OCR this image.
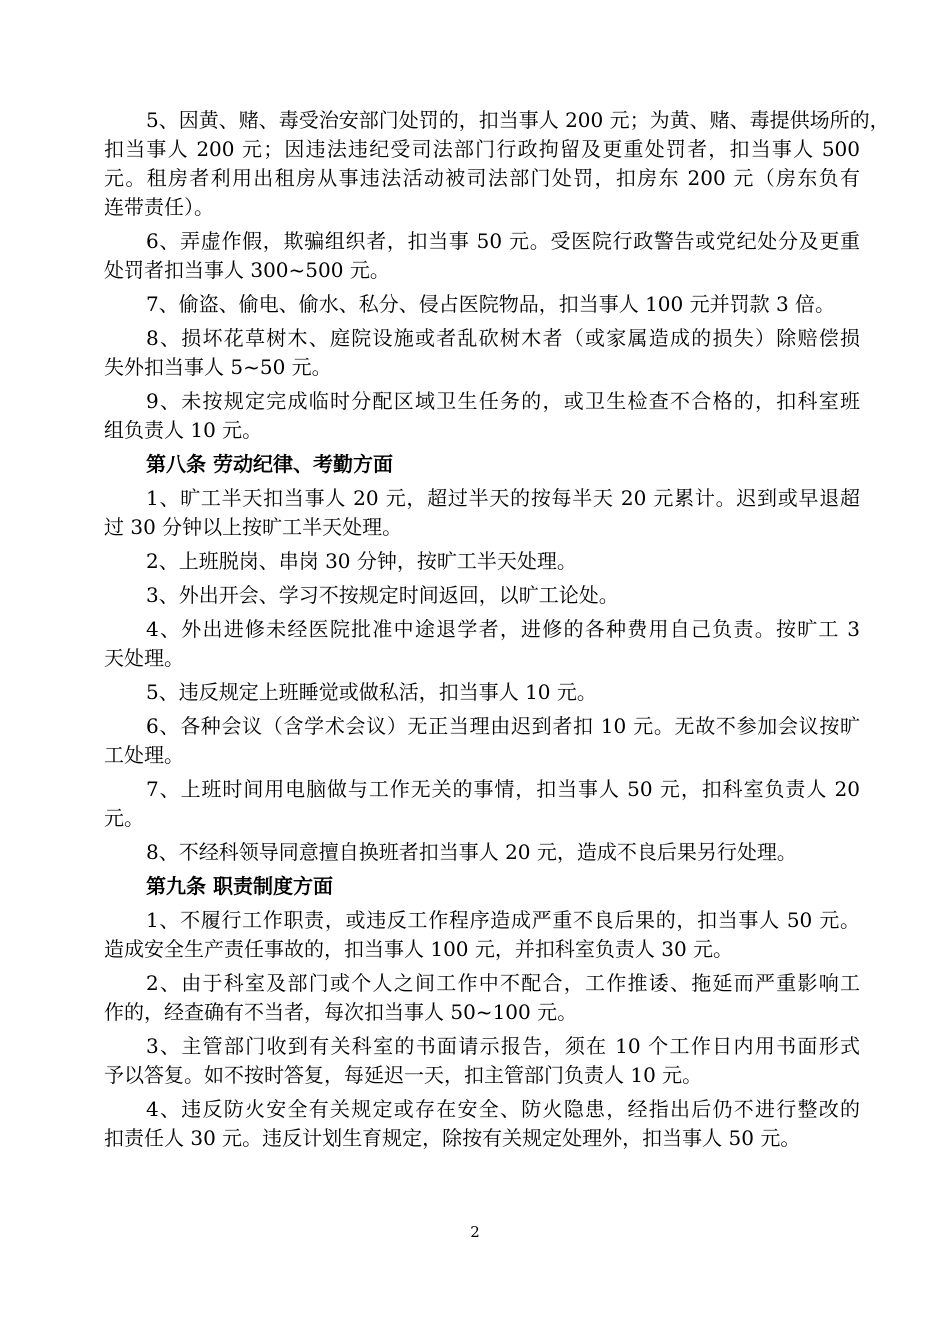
5、因黄、赌、毒受治安部门处罚的，扣当事人 200 元；为黄、赌、毒提供场所的，
扣当事人 200 元；因违法违纪受司法部门行政拘留及更重处罚者，扣当事人 500
元。租房者利用出租房从事违法活动被司法部门处罚，扣房东 200 元（房东负有
连带责任）。
6、弄虚作假，欺骗组织者，扣当事 50 元。受医院行政警告或党纪处分及更重
处罚者扣当事人 300~500 元。
7、偷盗、偷电、偷水、私分、侵占医院物品，扣当事人 100 元并罚款 3 倍。
8、损坏花草树木、庭院设施或者乱砍树木者（或家属造成的损失）除赔偿损
失外扣当事人 5~50 元。
9、未按规定完成临时分配区域卫生任务的，或卫生检查不合格的，扣科室班
组负责人 10 元。
第八条 劳动纪律、考勤方面
1、旷工半天扣当事人 20 元，超过半天的按每半天 20 元累计。迟到或早退超
过 30 分钟以上按旷工半天处理。
2、上班脱岗、串岗 30 分钟，按旷工半天处理。
3、外出开会、学习不按规定时间返回，以旷工论处。
4、外出进修未经医院批准中途退学者，进修的各种费用自己负责。按旷工 3
天处理。
5、违反规定上班睡觉或做私活，扣当事人 10 元。
6、各种会议（含学术会议）无正当理由迟到者扣 10 元。无故不参加会议按旷
工处理。
7、上班时间用电脑做与工作无关的事情，扣当事人 50 元，扣科室负责人 20
元。
8、不经科领导同意擅自换班者扣当事人 20 元，造成不良后果另行处理。
第九条 职责制度方面
1、不履行工作职责，或违反工作程序造成严重不良后果的，扣当事人 50 元。
造成安全生产责任事故的，扣当事人 100 元，并扣科室负责人 30 元。
2、由于科室及部门或个人之间工作中不配合，工作推诿、拖延而严重影响工
作的，经查确有不当者，每次扣当事人 50~100 元。
3、主管部门收到有关科室的书面请示报告，须在 10 个工作日内用书面形式
予以答复。如不按时答复，每延迟一天，扣主管部门负责人 10 元。
4、违反防火安全有关规定或存在安全、防火隐患，经指出后仍不进行整改的
扣责任人 30 元。违反计划生育规定，除按有关规定处理外，扣当事人 50 元。
2
